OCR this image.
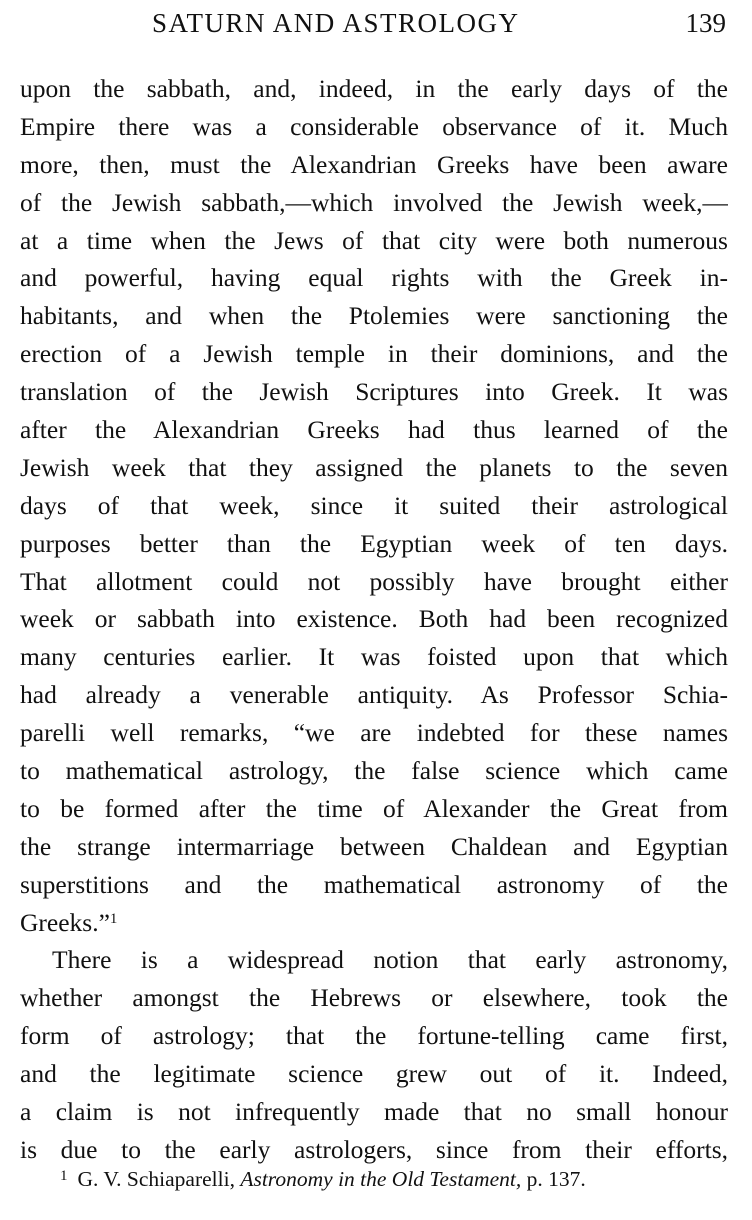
SATURN AND ASTROLOGY	139
upon the sabbath, and, indeed, in the early days of the
Empire there was a considerable observance of it. Much
more, then, must the Alexandrian Greeks have been aware
of the Jewish sabbath,—which involved the Jewish week,—
at a time when the Jews of that city were both numerous
and powerful, having equal rights with the Greek in-
habitants, and when the Ptolemies were sanctioning the
erection of a Jewish temple in their dominions, and the
translation of the Jewish Scriptures into Greek. It was
after the Alexandrian Greeks had thus learned of the
Jewish week that they assigned the planets to the seven
days of that week, since it suited their astrological
purposes better than the Egyptian week of ten days.
That allotment could not possibly have brought either
week or sabbath into existence. Both had been recognized
many centuries earlier. It was foisted upon that which
had already a venerable antiquity. As Professor Schia-
parelli well remarks, “we are indebted for these names
to mathematical astrology, the false science which came
to be formed after the time of Alexander the Great from
the strange intermarriage between Chaldean and Egyptian
superstitions and the mathematical astronomy of the
Greeks.”$^1$
There is a widespread notion that early astronomy,
whether amongst the Hebrews or elsewhere, took the
form of astrology; that the fortune-telling came first,
and the legitimate science grew out of it. Indeed,
a claim is not infrequently made that no small honour
is due to the early astrologers, since from their efforts,
$^1$ G. V. Schiaparelli, Astronomy in the Old Testament, p. 137.
